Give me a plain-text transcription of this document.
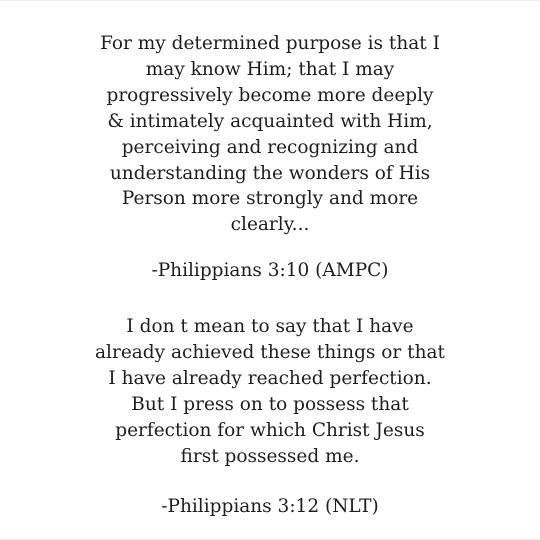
For my determined purpose is that I
may know Him; that I may
progressively become more deeply
& intimately acquainted with Him,
perceiving and recognizing and
understanding the wonders of His
Person more strongly and more
clearly...
-Philippians 3:10 (AMPC)
I don t mean to say that I have
already achieved these things or that
I have already reached perfection.
But I press on to possess that
perfection for which Christ Jesus
first possessed me.
-Philippians 3:12 (NLT)
